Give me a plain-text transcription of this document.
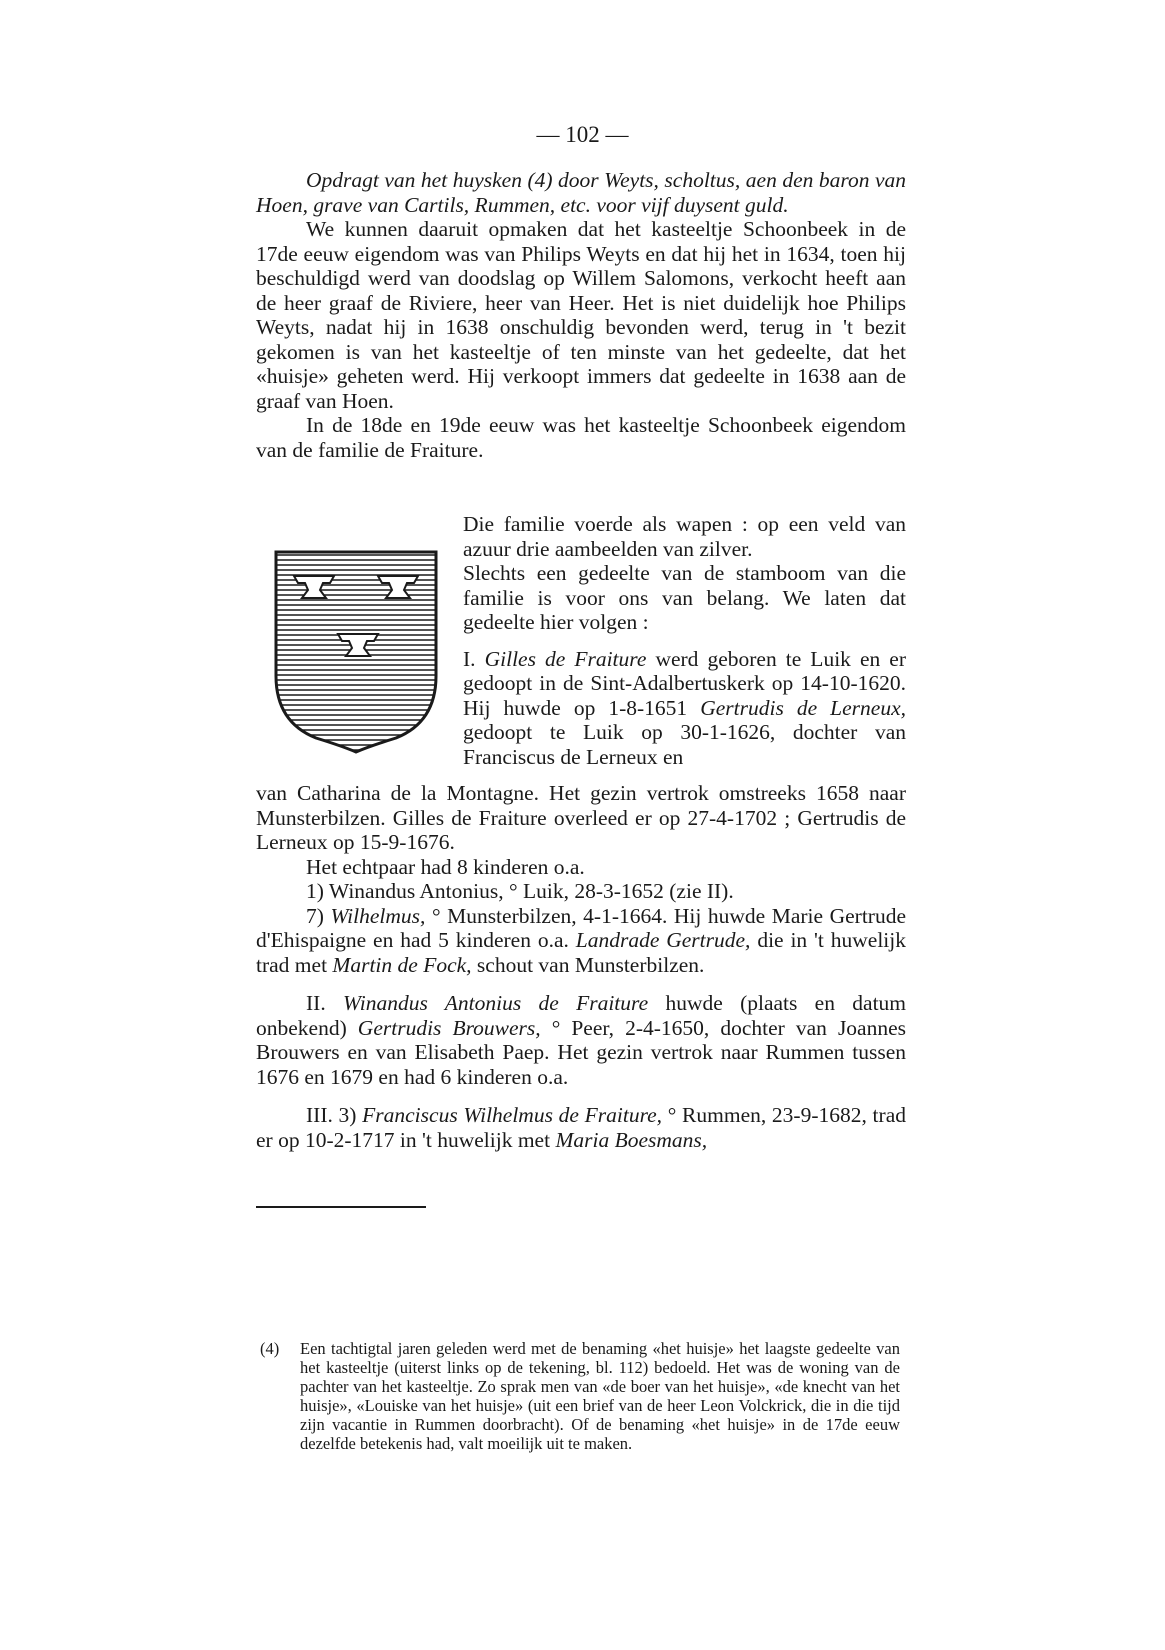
— 102 —

Opdragt van het huysken (4) door Weyts, scholtus, aen den baron van Hoen, grave van Cartils, Rummen, etc. voor vijf duysent guld.

We kunnen daaruit opmaken dat het kasteeltje Schoonbeek in de 17de eeuw eigendom was van Philips Weyts en dat hij het in 1634, toen hij beschuldigd werd van doodslag op Willem Salomons, verkocht heeft aan de heer graaf de Riviere, heer van Heer. Het is niet duidelijk hoe Philips Weyts, nadat hij in 1638 onschuldig bevonden werd, terug in 't bezit gekomen is van het kasteeltje of ten minste van het gedeelte, dat het «huisje» geheten werd. Hij verkoopt immers dat gedeelte in 1638 aan de graaf van Hoen.

In de 18de en 19de eeuw was het kasteeltje Schoonbeek eigendom van de familie de Fraiture.

Die familie voerde als wapen : op een veld van azuur drie aambeelden van zilver.

Slechts een gedeelte van de stamboom van die familie is voor ons van belang. We laten dat gedeelte hier volgen :

I. Gilles de Fraiture werd geboren te Luik en er gedoopt in de Sint-Adalbertuskerk op 14-10-1620. Hij huwde op 1-8-1651 Gertrudis de Lerneux, gedoopt te Luik op 30-1-1626, dochter van Franciscus de Lerneux en

van Catharina de la Montagne. Het gezin vertrok omstreeks 1658 naar Munsterbilzen. Gilles de Fraiture overleed er op 27-4-1702 ; Gertrudis de Lerneux op 15-9-1676.

Het echtpaar had 8 kinderen o.a.

1) Winandus Antonius, ° Luik, 28-3-1652 (zie II).

7) Wilhelmus, ° Munsterbilzen, 4-1-1664. Hij huwde Marie Gertrude d'Ehispaigne en had 5 kinderen o.a. Landrade Gertrude, die in 't huwelijk trad met Martin de Fock, schout van Munsterbilzen.

II. Winandus Antonius de Fraiture huwde (plaats en datum onbekend) Gertrudis Brouwers, ° Peer, 2-4-1650, dochter van Joannes Brouwers en van Elisabeth Paep. Het gezin vertrok naar Rummen tussen 1676 en 1679 en had 6 kinderen o.a.

III. 3) Franciscus Wilhelmus de Fraiture, ° Rummen, 23-9-1682, trad er op 10-2-1717 in 't huwelijk met Maria Boesmans,

(4)	Een tachtigtal jaren geleden werd met de benaming «het huisje» het laagste gedeelte van het kasteeltje (uiterst links op de tekening, bl. 112) bedoeld. Het was de woning van de pachter van het kasteeltje. Zo sprak men van «de boer van het huisje», «de knecht van het huisje», «Louiske van het huisje» (uit een brief van de heer Leon Volckrick, die in die tijd zijn vacantie in Rummen doorbracht). Of de benaming «het huisje» in de 17de eeuw dezelfde betekenis had, valt moeilijk uit te maken.
